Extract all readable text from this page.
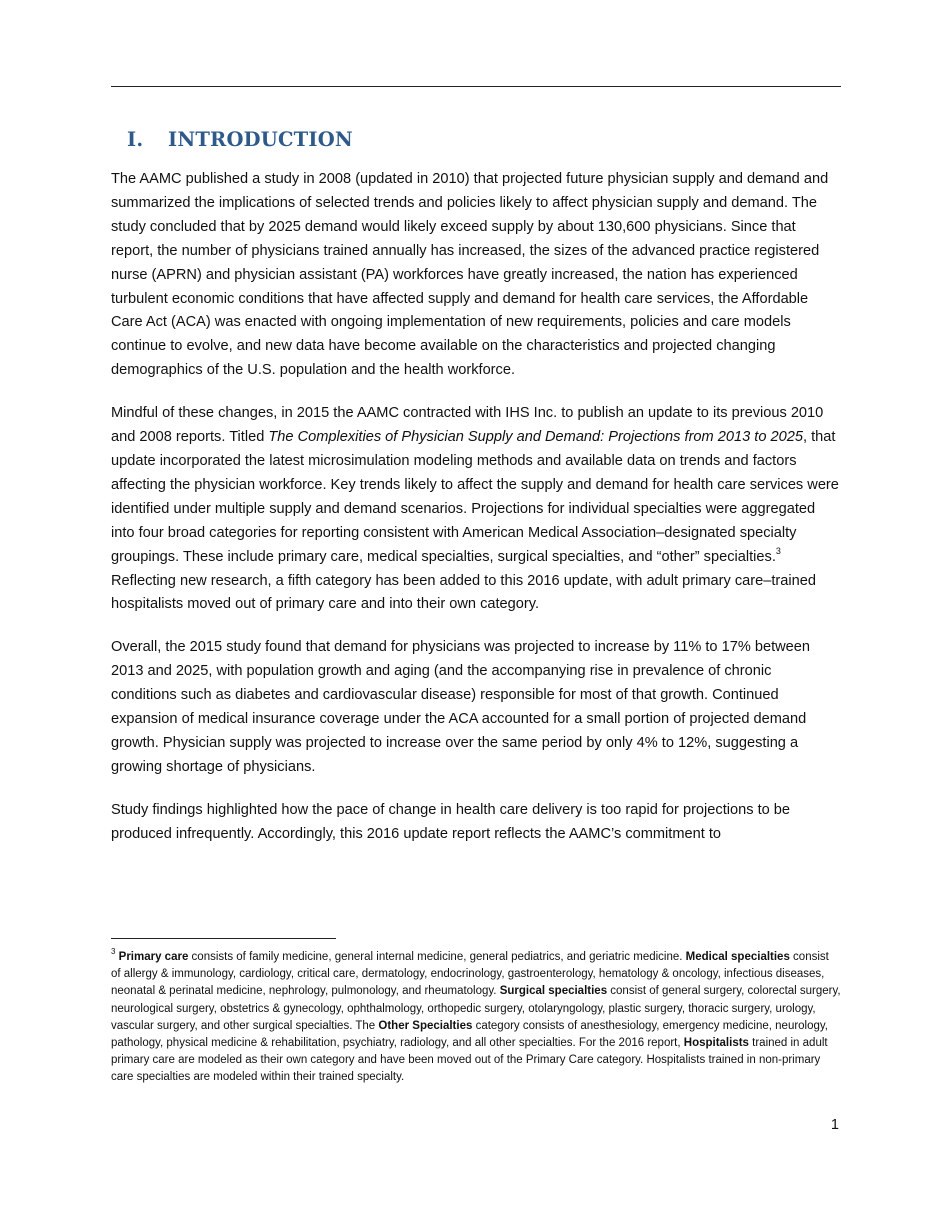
I. INTRODUCTION

The AAMC published a study in 2008 (updated in 2010) that projected future physician supply and demand and summarized the implications of selected trends and policies likely to affect physician supply and demand. The study concluded that by 2025 demand would likely exceed supply by about 130,600 physicians. Since that report, the number of physicians trained annually has increased, the sizes of the advanced practice registered nurse (APRN) and physician assistant (PA) workforces have greatly increased, the nation has experienced turbulent economic conditions that have affected supply and demand for health care services, the Affordable Care Act (ACA) was enacted with ongoing implementation of new requirements, policies and care models continue to evolve, and new data have become available on the characteristics and projected changing demographics of the U.S. population and the health workforce.

Mindful of these changes, in 2015 the AAMC contracted with IHS Inc. to publish an update to its previous 2010 and 2008 reports. Titled The Complexities of Physician Supply and Demand: Projections from 2013 to 2025, that update incorporated the latest microsimulation modeling methods and available data on trends and factors affecting the physician workforce. Key trends likely to affect the supply and demand for health care services were identified under multiple supply and demand scenarios. Projections for individual specialties were aggregated into four broad categories for reporting consistent with American Medical Association–designated specialty groupings. These include primary care, medical specialties, surgical specialties, and “other” specialties.$^3$ Reflecting new research, a fifth category has been added to this 2016 update, with adult primary care–trained hospitalists moved out of primary care and into their own category.

Overall, the 2015 study found that demand for physicians was projected to increase by 11% to 17% between 2013 and 2025, with population growth and aging (and the accompanying rise in prevalence of chronic conditions such as diabetes and cardiovascular disease) responsible for most of that growth. Continued expansion of medical insurance coverage under the ACA accounted for a small portion of projected demand growth. Physician supply was projected to increase over the same period by only 4% to 12%, suggesting a growing shortage of physicians.

Study findings highlighted how the pace of change in health care delivery is too rapid for projections to be produced infrequently. Accordingly, this 2016 update report reflects the AAMC’s commitment to

$^3$ Primary care consists of family medicine, general internal medicine, general pediatrics, and geriatric medicine. Medical specialties consist of allergy & immunology, cardiology, critical care, dermatology, endocrinology, gastroenterology, hematology & oncology, infectious diseases, neonatal & perinatal medicine, nephrology, pulmonology, and rheumatology. Surgical specialties consist of general surgery, colorectal surgery, neurological surgery, obstetrics & gynecology, ophthalmology, orthopedic surgery, otolaryngology, plastic surgery, thoracic surgery, urology, vascular surgery, and other surgical specialties. The Other Specialties category consists of anesthesiology, emergency medicine, neurology, pathology, physical medicine & rehabilitation, psychiatry, radiology, and all other specialties. For the 2016 report, Hospitalists trained in adult primary care are modeled as their own category and have been moved out of the Primary Care category. Hospitalists trained in non-primary care specialties are modeled within their trained specialty.
1
